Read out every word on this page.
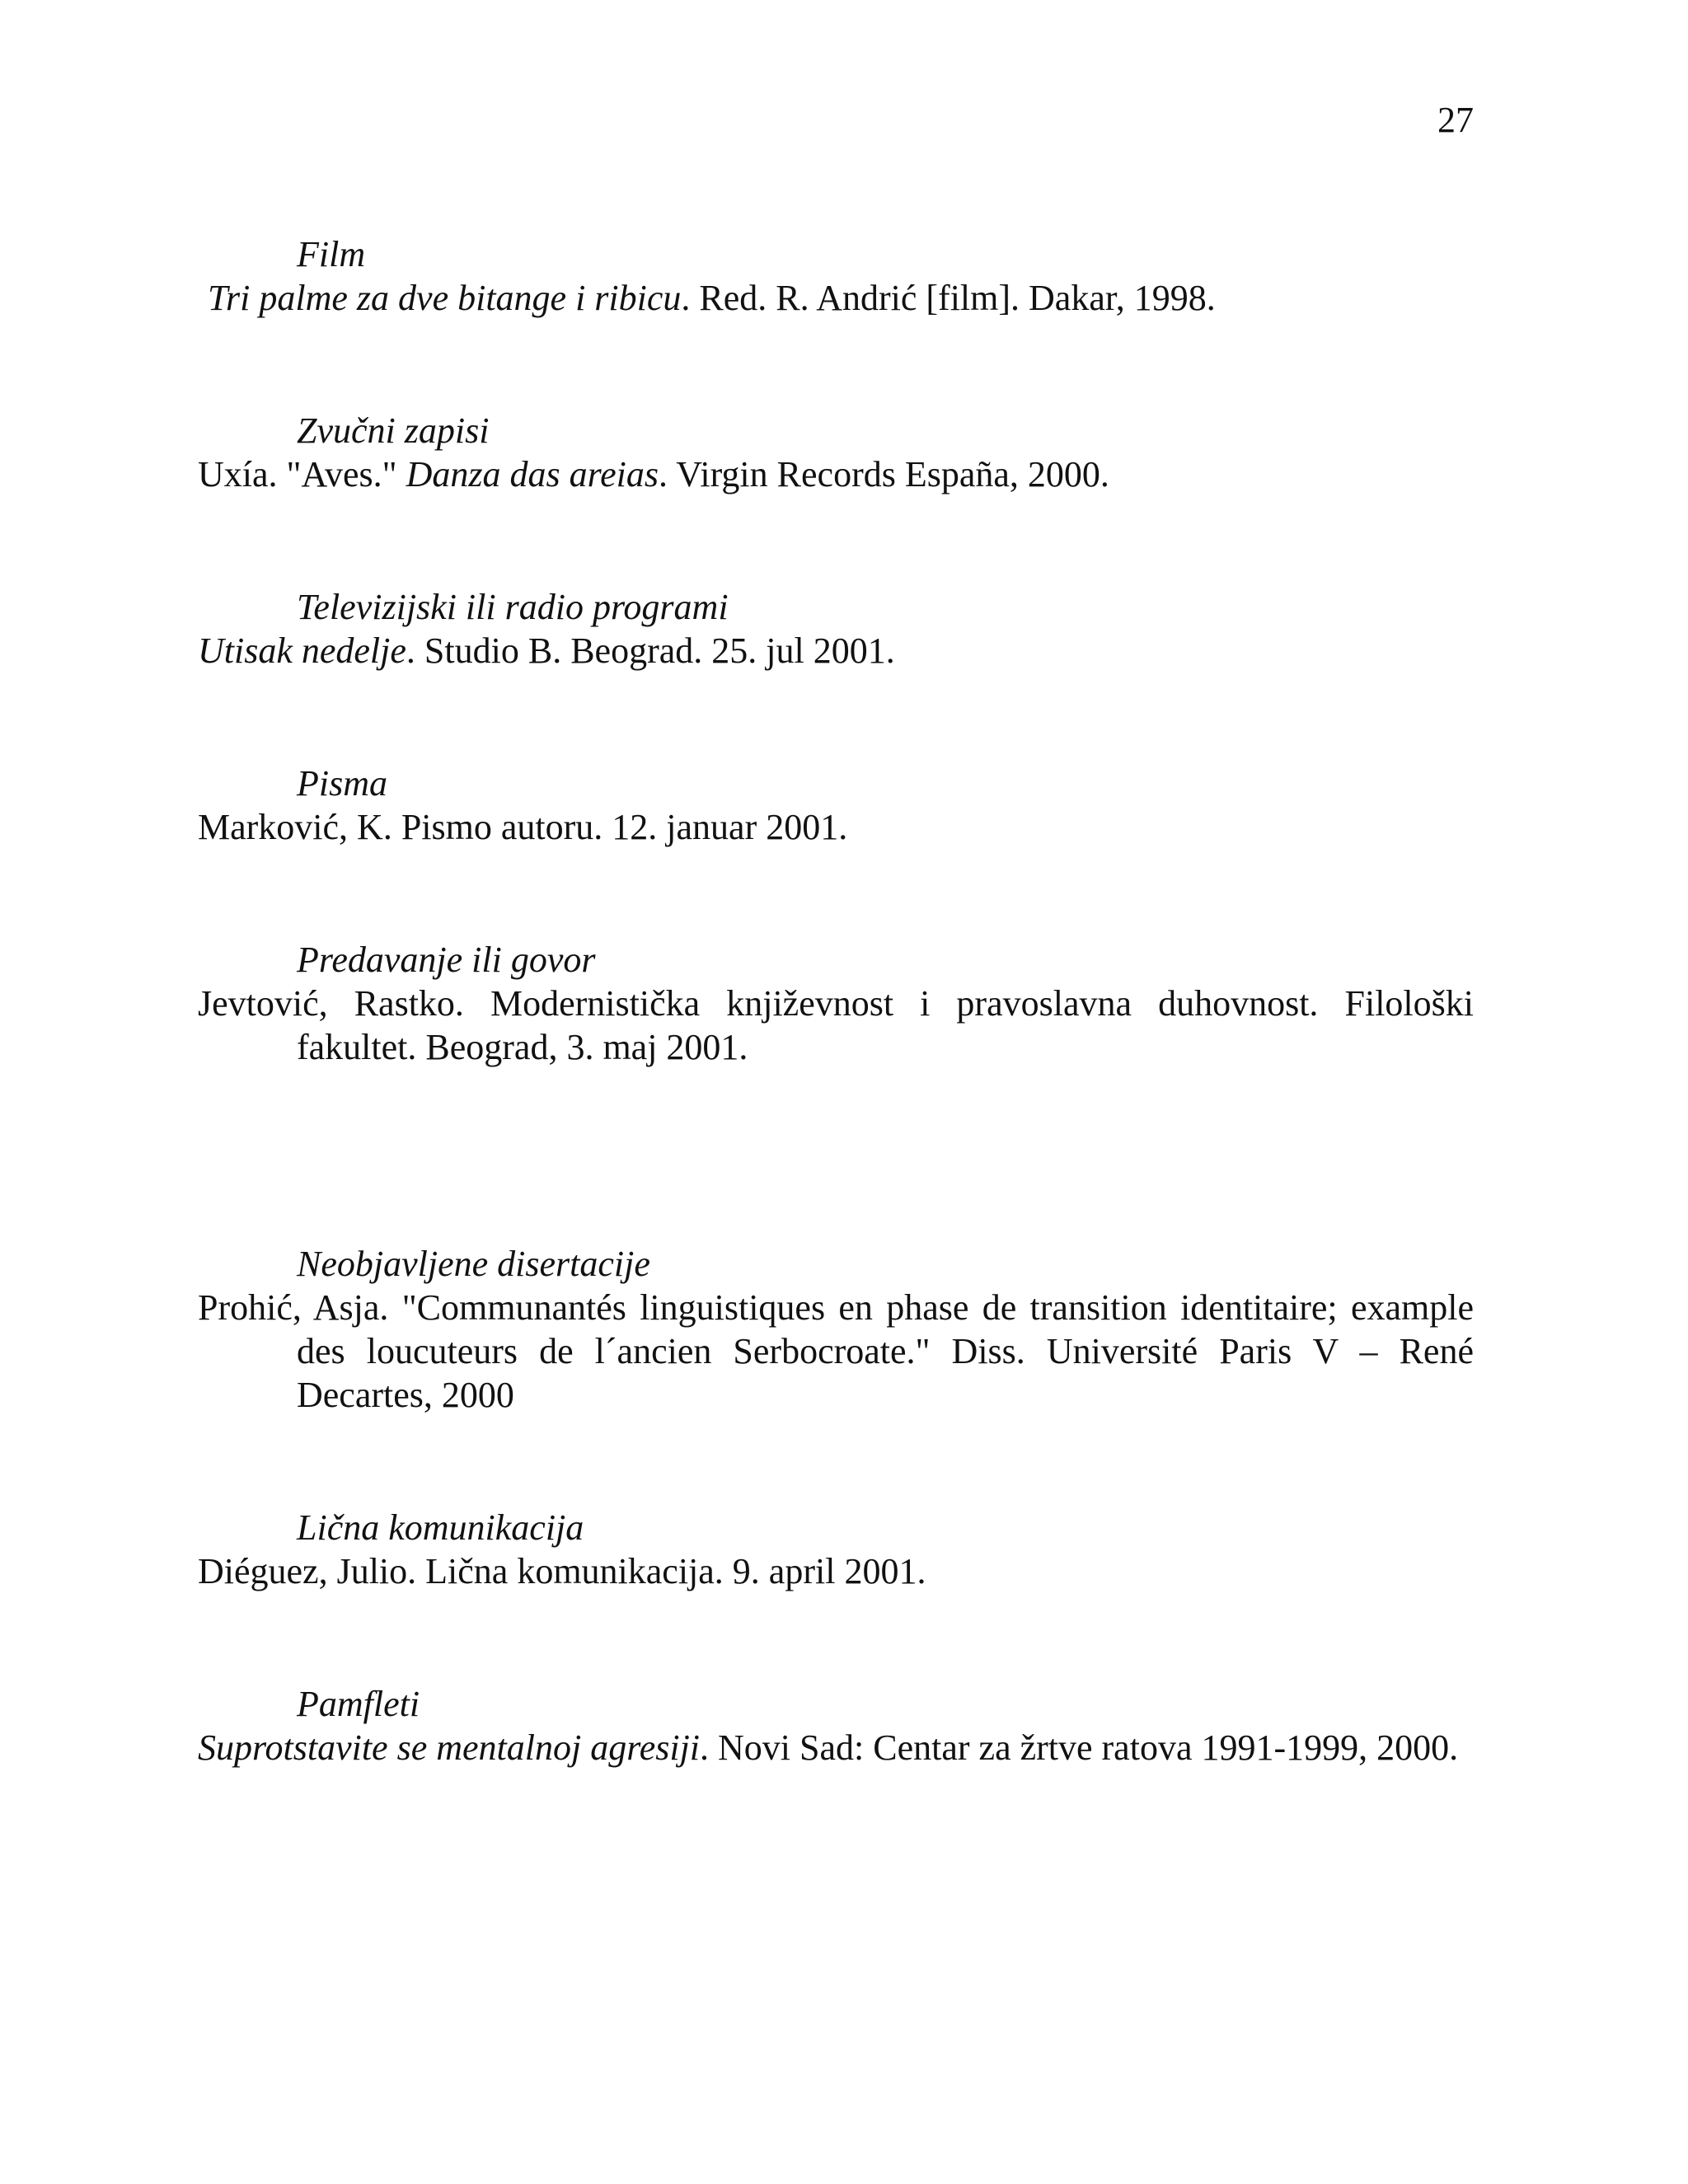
27

Film

Tri palme za dve bitange i ribicu. Red. R. Andrić [film]. Dakar, 1998.

Zvučni zapisi

Uxía. "Aves." Danza das areias. Virgin Records España, 2000.

Televizijski ili radio programi

Utisak nedelje. Studio B. Beograd. 25. jul 2001.

Pisma

Marković, K. Pismo autoru. 12. januar 2001.

Predavanje ili govor

Jevtović, Rastko. Modernistička književnost i pravoslavna duhovnost. Filološki fakultet. Beograd, 3. maj 2001.

Neobjavljene disertacije

Prohić, Asja. "Communantés linguistiques en phase de transition identitaire; example des loucuteurs de l´ancien Serbocroate." Diss. Université Paris V – René Decartes, 2000

Lična komunikacija

Diéguez, Julio. Lična komunikacija. 9. april 2001.

Pamfleti

Suprotstavite se mentalnoj agresiji. Novi Sad: Centar za žrtve ratova 1991-1999, 2000.
